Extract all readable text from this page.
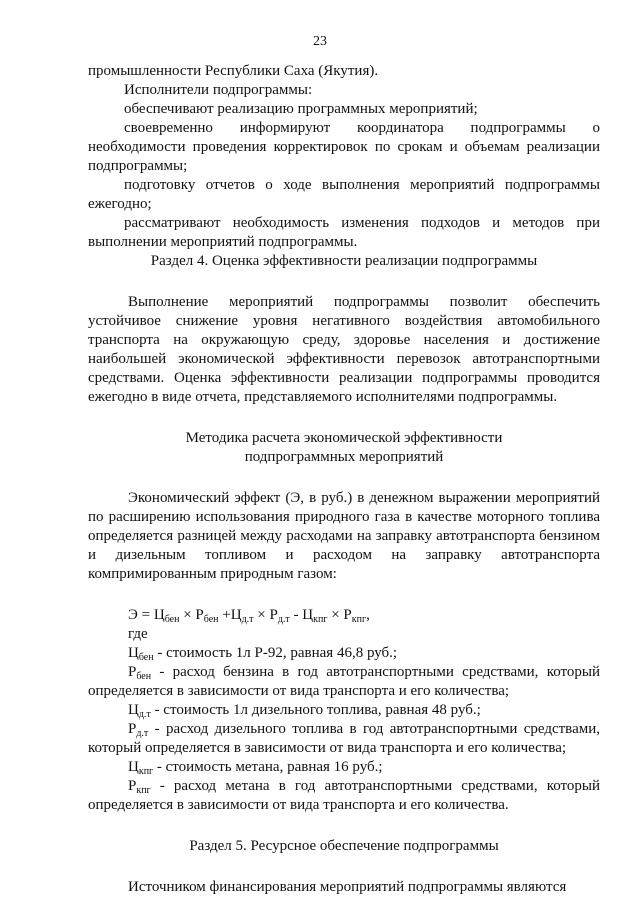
23

промышленности Республики Саха (Якутия).

Исполнители подпрограммы:

обеспечивают реализацию программных мероприятий;

своевременно информируют координатора подпрограммы о необходимости проведения корректировок по срокам и объемам реализации подпрограммы;

подготовку отчетов о ходе выполнения мероприятий подпрограммы ежегодно;

рассматривают необходимость изменения подходов и методов при выполнении мероприятий подпрограммы.

Раздел 4. Оценка эффективности реализации подпрограммы

Выполнение мероприятий подпрограммы позволит обеспечить устойчивое снижение уровня негативного воздействия автомобильного транспорта на окружающую среду, здоровье населения и достижение наибольшей экономической эффективности перевозок автотранспортными средствами. Оценка эффективности реализации подпрограммы проводится ежегодно в виде отчета, представляемого исполнителями подпрограммы.

Методика расчета экономической эффективности

подпрограммных мероприятий

Экономический эффект (Э, в руб.) в денежном выражении мероприятий по расширению использования природного газа в качестве моторного топлива определяется разницей между расходами на заправку автотранспорта бензином и дизельным топливом и расходом на заправку автотранспорта компримированным природным газом:

$Э = Ц_{бен} \times Р_{бен} +Ц_{д.т} \times Р_{д.т} - Ц_{кпг} \times Р_{кпг}$,

где

$Ц_{бен}$ - стоимость 1л Р-92, равная 46,8 руб.;

$Р_{бен}$ - расход бензина в год автотранспортными средствами, который определяется в зависимости от вида транспорта и его количества;

$Ц_{д.т}$ - стоимость 1л дизельного топлива, равная 48 руб.;

$Р_{д.т}$ - расход дизельного топлива в год автотранспортными средствами, который определяется в зависимости от вида транспорта и его количества;

$Ц_{кпг}$ - стоимость метана, равная 16 руб.;

$Р_{кпг}$ - расход метана в год автотранспортными средствами, который определяется в зависимости от вида транспорта и его количества.

Раздел 5. Ресурсное обеспечение подпрограммы

Источником финансирования мероприятий подпрограммы являются
